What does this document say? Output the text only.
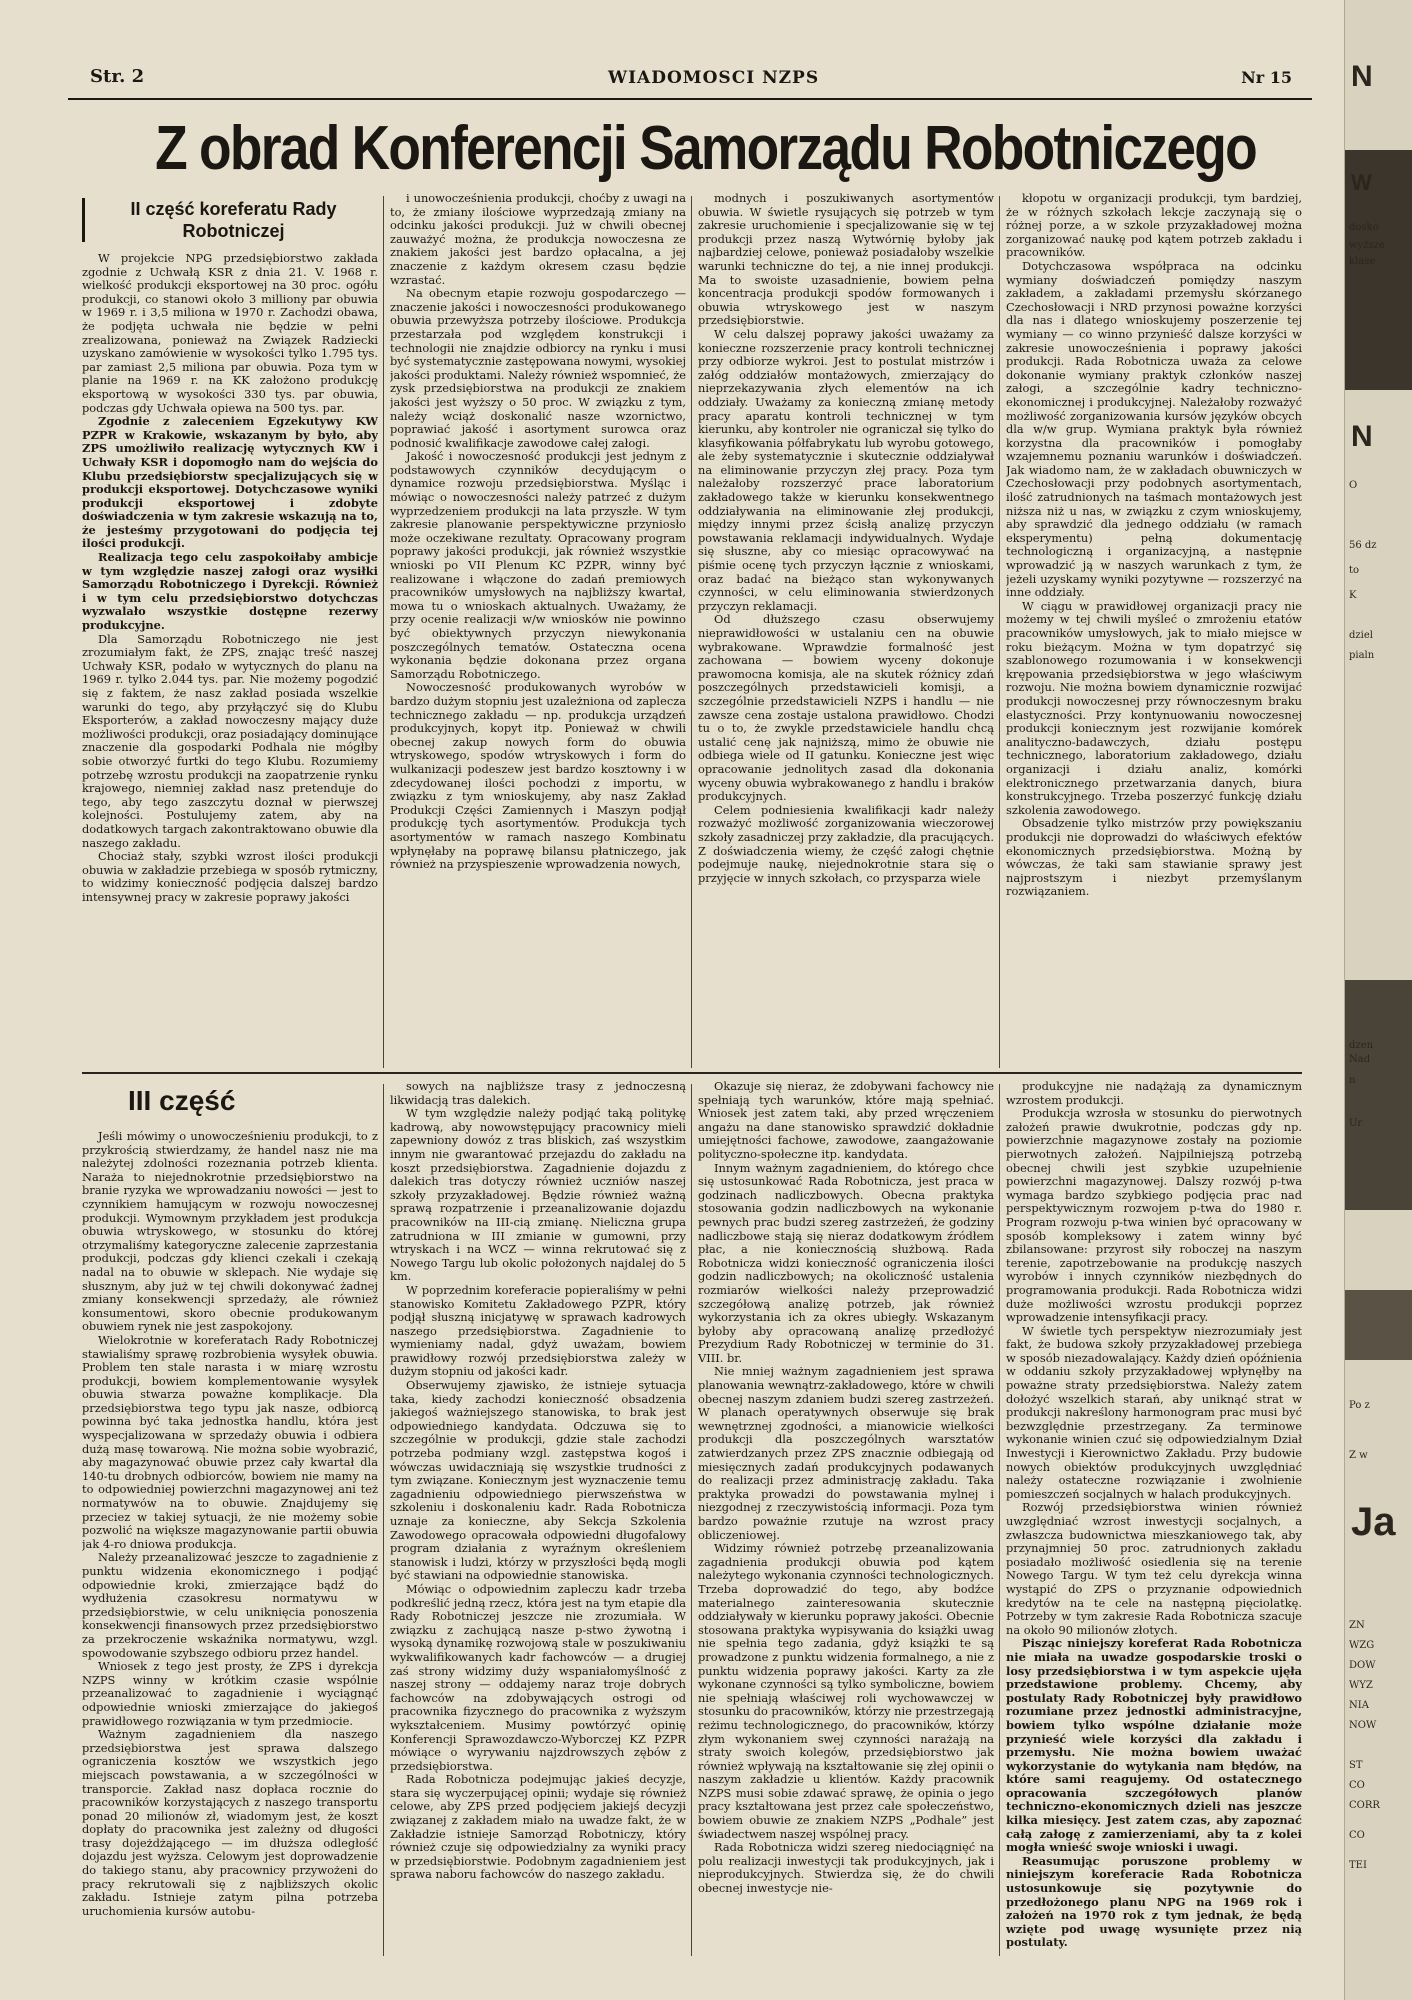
Str. 2	WIADOMOSCI NZPS	Nr 15
Z obrad Konferencji Samorządu Robotniczego
II część koreferatu Rady Robotniczej

W projekcie NPG przedsiębiorstwo zakłada zgodnie z Uchwałą KSR z dnia 21. V. 1968 r. wielkość produkcji eksportowej na 30 proc. ogółu produkcji, co stanowi około 3 milliony par obuwia w 1969 r. i 3,5 miliona w 1970 r. Zachodzi obawa, że podjęta uchwała nie będzie w pełni zrealizowana, ponieważ na Związek Radziecki uzyskano zamówienie w wysokości tylko 1.795 tys. par zamiast 2,5 miliona par obuwia. Poza tym w planie na 1969 r. na KK założono produkcję eksportową w wysokości 330 tys. par obuwia, podczas gdy Uchwała opiewa na 500 tys. par.

Zgodnie z zaleceniem Egzekutywy KW PZPR w Krakowie, wskazanym by było, aby ZPS umożliwiło realizację wytycznych KW i Uchwały KSR i dopomogło nam do wejścia do Klubu przedsiębiorstw specjalizujących się w produkcji eksportowej. Dotychczasowe wyniki produkcji eksportowej i zdobyte doświadczenia w tym zakresie wskazują na to, że jesteśmy przygotowani do podjęcia tej ilości produkcji.

Realizacja tego celu zaspokoiłaby ambicje w tym względzie naszej załogi oraz wysiłki Samorządu Robotniczego i Dyrekcji. Również i w tym celu przedsiębiorstwo dotychczas wyzwalało wszystkie dostępne rezerwy produkcyjne.

Dla Samorządu Robotniczego nie jest zrozumiałym fakt, że ZPS, znając treść naszej Uchwały KSR, podało w wytycznych do planu na 1969 r. tylko 2.044 tys. par. Nie możemy pogodzić się z faktem, że nasz zakład posiada wszelkie warunki do tego, aby przyłączyć się do Klubu Eksporterów, a zakład nowoczesny mający duże możliwości produkcji, oraz posiadający dominujące znaczenie dla gospodarki Podhala nie mógłby sobie otworzyć furtki do tego Klubu. Rozumiemy potrzebę wzrostu produkcji na zaopatrzenie rynku krajowego, niemniej zakład nasz pretenduje do tego, aby tego zaszczytu doznał w pierwszej kolejności. Postulujemy zatem, aby na dodatkowych targach zakontraktowano obuwie dla naszego zakładu.

Chociaż stały, szybki wzrost ilości produkcji obuwia w zakładzie przebiega w sposób rytmiczny, to widzimy konieczność podjęcia dalszej bardzo intensywnej pracy w zakresie poprawy jakości

i unowocześnienia produkcji, choćby z uwagi na to, że zmiany ilościowe wyprzedzają zmiany na odcinku jakości produkcji. Już w chwili obecnej zauważyć można, że produkcja nowoczesna ze znakiem jakości jest bardzo opłacalna, a jej znaczenie z każdym okresem czasu będzie wzrastać.

Na obecnym etapie rozwoju gospodarczego — znaczenie jakości i nowoczesności produkowanego obuwia przewyższa potrzeby ilościowe. Produkcja przestarzała pod względem konstrukcji i technologii nie znajdzie odbiorcy na rynku i musi być systematycznie zastępowana nowymi, wysokiej jakości produktami. Należy również wspomnieć, że zysk przedsiębiorstwa na produkcji ze znakiem jakości jest wyższy o 50 proc. W związku z tym, należy wciąż doskonalić nasze wzornictwo, poprawiać jakość i asortyment surowca oraz podnosić kwalifikacje zawodowe całej załogi.

Jakość i nowoczesność produkcji jest jednym z podstawowych czynników decydującym o dynamice rozwoju przedsiębiorstwa. Myśląc i mówiąc o nowoczesności należy patrzeć z dużym wyprzedzeniem produkcji na lata przyszłe. W tym zakresie planowanie perspektywiczne przyniosło może oczekiwane rezultaty. Opracowany program poprawy jakości produkcji, jak również wszystkie wnioski po VII Plenum KC PZPR, winny być realizowane i włączone do zadań premiowych pracowników umysłowych na najbliższy kwartał, mowa tu o wnioskach aktualnych. Uważamy, że przy ocenie realizacji w/w wniosków nie powinno być obiektywnych przyczyn niewykonania poszczególnych tematów. Ostateczna ocena wykonania będzie dokonana przez organa Samorządu Robotniczego.

Nowoczesność produkowanych wyrobów w bardzo dużym stopniu jest uzależniona od zaplecza technicznego zakładu — np. produkcja urządzeń produkcyjnych, kopyt itp. Ponieważ w chwili obecnej zakup nowych form do obuwia wtryskowego, spodów wtryskowych i form do wulkanizacji podeszew jest bardzo kosztowny i w zdecydowanej ilości pochodzi z importu, w związku z tym wnioskujemy, aby nasz Zakład Produkcji Części Zamiennych i Maszyn podjął produkcję tych asortymentów. Produkcja tych asortymentów w ramach naszego Kombinatu wpłynęłaby na poprawę bilansu płatniczego, jak również na przyspieszenie wprowadzenia nowych,

modnych i poszukiwanych asortymentów obuwia. W świetle rysujących się potrzeb w tym zakresie uruchomienie i specjalizowanie się w tej produkcji przez naszą Wytwórnię byłoby jak najbardziej celowe, ponieważ posiadałoby wszelkie warunki techniczne do tej, a nie innej produkcji. Ma to swoiste uzasadnienie, bowiem pełna koncentracja produkcji spodów formowanych i obuwia wtryskowego jest w naszym przedsiębiorstwie.

W celu dalszej poprawy jakości uważamy za konieczne rozszerzenie pracy kontroli technicznej przy odbiorze wykroi. Jest to postulat mistrzów i załóg oddziałów montażowych, zmierzający do nieprzekazywania złych elementów na ich oddziały. Uważamy za konieczną zmianę metody pracy aparatu kontroli technicznej w tym kierunku, aby kontroler nie ograniczał się tylko do klasyfikowania półfabrykatu lub wyrobu gotowego, ale żeby systematycznie i skutecznie oddziaływał na eliminowanie przyczyn złej pracy. Poza tym należałoby rozszerzyć prace laboratorium zakładowego także w kierunku konsekwentnego oddziaływania na eliminowanie złej produkcji, między innymi przez ścisłą analizę przyczyn powstawania reklamacji indywidualnych. Wydaje się słuszne, aby co miesiąc opracowywać na piśmie ocenę tych przyczyn łącznie z wnioskami, oraz badać na bieżąco stan wykonywanych czynności, w celu eliminowania stwierdzonych przyczyn reklamacji.

Od dłuższego czasu obserwujemy nieprawidłowości w ustalaniu cen na obuwie wybrakowane. Wprawdzie formalność jest zachowana — bowiem wyceny dokonuje prawomocna komisja, ale na skutek różnicy zdań poszczególnych przedstawicieli komisji, a szczególnie przedstawicieli NZPS i handlu — nie zawsze cena zostaje ustalona prawidłowo. Chodzi tu o to, że zwykle przedstawiciele handlu chcą ustalić cenę jak najniższą, mimo że obuwie nie odbiega wiele od II gatunku. Konieczne jest więc opracowanie jednolitych zasad dla dokonania wyceny obuwia wybrakowanego z handlu i braków produkcyjnych.

Celem podniesienia kwalifikacji kadr należy rozważyć możliwość zorganizowania wieczorowej szkoły zasadniczej przy zakładzie, dla pracujących. Z doświadczenia wiemy, że część załogi chętnie podejmuje naukę, niejednokrotnie stara się o przyjęcie w innych szkołach, co przysparza wiele

kłopotu w organizacji produkcji, tym bardziej, że w różnych szkołach lekcje zaczynają się o różnej porze, a w szkole przyzakładowej można zorganizować naukę pod kątem potrzeb zakładu i pracowników.

Dotychczasowa współpraca na odcinku wymiany doświadczeń pomiędzy naszym zakładem, a zakładami przemysłu skórzanego Czechosłowacji i NRD przynosi poważne korzyści dla nas i dlatego wnioskujemy poszerzenie tej wymiany — co winno przynieść dalsze korzyści w zakresie unowocześnienia i poprawy jakości produkcji. Rada Robotnicza uważa za celowe dokonanie wymiany praktyk członków naszej załogi, a szczególnie kadry techniczno-ekonomicznej i produkcyjnej. Należałoby rozważyć możliwość zorganizowania kursów języków obcych dla w/w grup. Wymiana praktyk była również korzystna dla pracowników i pomogłaby wzajemnemu poznaniu warunków i doświadczeń. Jak wiadomo nam, że w zakładach obuwniczych w Czechosłowacji przy podobnych asortymentach, ilość zatrudnionych na taśmach montażowych jest niższa niż u nas, w związku z czym wnioskujemy, aby sprawdzić dla jednego oddziału (w ramach eksperymentu) pełną dokumentację technologiczną i organizacyjną, a następnie wprowadzić ją w naszych warunkach z tym, że jeżeli uzyskamy wyniki pozytywne — rozszerzyć na inne oddziały.

W ciągu w prawidłowej organizacji pracy nie możemy w tej chwili myśleć o zmrożeniu etatów pracowników umysłowych, jak to miało miejsce w roku bieżącym. Można w tym dopatrzyć się szablonowego rozumowania i w konsekwencji krępowania przedsiębiorstwa w jego właściwym rozwoju. Nie można bowiem dynamicznie rozwijać produkcji nowoczesnej przy równoczesnym braku elastyczności. Przy kontynuowaniu nowoczesnej produkcji koniecznym jest rozwijanie komórek analityczno-badawczych, działu postępu technicznego, laboratorium zakładowego, działu organizacji i działu analiz, komórki elektronicznego przetwarzania danych, biura konstrukcyjnego. Trzeba poszerzyć funkcję działu szkolenia zawodowego.

Obsadzenie tylko mistrzów przy powiększaniu produkcji nie doprowadzi do właściwych efektów ekonomicznych przedsiębiorstwa. Możną by wówczas, że taki sam stawianie sprawy jest najprostszym i niezbyt przemyślanym rozwiązaniem.

III część

Jeśli mówimy o unowocześnieniu produkcji, to z przykrością stwierdzamy, że handel nasz nie ma należytej zdolności rozeznania potrzeb klienta. Naraża to niejednokrotnie przedsiębiorstwo na branie ryzyka we wprowadzaniu nowości — jest to czynnikiem hamującym w rozwoju nowoczesnej produkcji. Wymownym przykładem jest produkcja obuwia wtryskowego, w stosunku do której otrzymaliśmy kategoryczne zalecenie zaprzestania produkcji, podczas gdy klienci czekali i czekają nadal na to obuwie w sklepach. Nie wydaje się słusznym, aby już w tej chwili dokonywać żadnej zmiany konsekwencji sprzedaży, ale również konsumentowi, skoro obecnie produkowanym obuwiem rynek nie jest zaspokojony.

Wielokrotnie w koreferatach Rady Robotniczej stawialiśmy sprawę rozbrobienia wysyłek obuwia. Problem ten stale narasta i w miarę wzrostu produkcji, bowiem komplementowanie wysyłek obuwia stwarza poważne komplikacje. Dla przedsiębiorstwa tego typu jak nasze, odbiorcą powinna być taka jednostka handlu, która jest wyspecjalizowana w sprzedaży obuwia i odbiera dużą masę towarową. Nie można sobie wyobrazić, aby magazynować obuwie przez cały kwartał dla 140-tu drobnych odbiorców, bowiem nie mamy na to odpowiedniej powierzchni magazynowej ani też normatywów na to obuwie. Znajdujemy się przeciez w takiej sytuacji, że nie możemy sobie pozwolić na większe magazynowanie partii obuwia jak 4-ro dniowa produkcja.

Należy przeanalizować jeszcze to zagadnienie z punktu widzenia ekonomicznego i podjąć odpowiednie kroki, zmierzające bądź do wydłużenia czasokresu normatywu w przedsiębiorstwie, w celu uniknięcia ponoszenia konsekwencji finansowych przez przedsiębiorstwo za przekroczenie wskaźnika normatywu, wzgl. spowodowanie szybszego odbioru przez handel.

Wniosek z tego jest prosty, że ZPS i dyrekcja NZPS winny w krótkim czasie wspólnie przeanalizować to zagadnienie i wyciągnąć odpowiednie wnioski zmierzające do jakiegoś prawidłowego rozwiązania w tym przedmiocie.

Ważnym zagadnieniem dla naszego przedsiębiorstwa jest sprawa dalszego ograniczenia kosztów we wszystkich jego miejscach powstawania, a w szczególności w transporcie. Zakład nasz dopłaca rocznie do pracowników korzystających z naszego transportu ponad 20 milionów zł, wiadomym jest, że koszt dopłaty do pracownika jest zależny od długości trasy dojeżdżającego — im dłuższa odległość dojazdu jest wyższa. Celowym jest doprowadzenie do takiego stanu, aby pracownicy przywożeni do pracy rekrutowali się z najbliższych okolic zakładu. Istnieje zatym pilna potrzeba uruchomienia kursów autobu-

sowych na najbliższe trasy z jednoczesną likwidacją tras dalekich.

W tym względzie należy podjąć taką politykę kadrową, aby nowowstępujący pracownicy mieli zapewniony dowóz z tras bliskich, zaś wszystkim innym nie gwarantować przejazdu do zakładu na koszt przedsiębiorstwa. Zagadnienie dojazdu z dalekich tras dotyczy również uczniów naszej szkoły przyzakładowej. Będzie również ważną sprawą rozpatrzenie i przeanalizowanie dojazdu pracowników na III-cią zmianę. Nieliczna grupa zatrudniona w III zmianie w gumowni, przy wtryskach i na WCZ — winna rekrutować się z Nowego Targu lub okolic położonych najdalej do 5 km.

W poprzednim koreferacie popieraliśmy w pełni stanowisko Komitetu Zakładowego PZPR, który podjął słuszną inicjatywę w sprawach kadrowych naszego przedsiębiorstwa. Zagadnienie to wymieniamy nadal, gdyż uważam, bowiem prawidłowy rozwój przedsiębiorstwa zależy w dużym stopniu od jakości kadr.

Obserwujemy zjawisko, że istnieje sytuacja taka, kiedy zachodzi konieczność obsadzenia jakiegoś ważniejszego stanowiska, to brak jest odpowiedniego kandydata. Odczuwa się to szczególnie w produkcji, gdzie stale zachodzi potrzeba podmiany wzgl. zastępstwa kogoś i wówczas uwidaczniają się wszystkie trudności z tym związane. Koniecznym jest wyznaczenie temu zagadnieniu odpowiedniego pierwszeństwa w szkoleniu i doskonaleniu kadr. Rada Robotnicza uznaje za konieczne, aby Sekcja Szkolenia Zawodowego opracowała odpowiedni długofalowy program działania z wyraźnym określeniem stanowisk i ludzi, którzy w przyszłości będą mogli być stawiani na odpowiednie stanowiska.

Mówiąc o odpowiednim zapleczu kadr trzeba podkreślić jedną rzecz, która jest na tym etapie dla Rady Robotniczej jeszcze nie zrozumiała. W związku z zachującą nasze p-stwo żywotną i wysoką dynamikę rozwojową stale w poszukiwaniu wykwalifikowanych kadr fachowców — a drugiej zaś strony widzimy duży wspaniałomyślność z naszej strony — oddajemy naraz troje dobrych fachowców na zdobywających ostrogi od pracownika fizycznego do pracownika z wyższym wykształceniem. Musimy powtórzyć opinię Konferencji Sprawozdawczo-Wyborczej KZ PZPR mówiące o wyrywaniu najzdrowszych zębów z przedsiębiorstwa.

Rada Robotnicza podejmując jakieś decyzje, stara się wyczerpującej opinii; wydaje się również celowe, aby ZPS przed podjęciem jakiejś decyzji związanej z zakładem miało na uwadze fakt, że w Zakładzie istnieje Samorząd Robotniczy, który również czuje się odpowiedzialny za wyniki pracy w przedsiębiorstwie. Podobnym zagadnieniem jest sprawa naboru fachowców do naszego zakładu.

Okazuje się nieraz, że zdobywani fachowcy nie spełniają tych warunków, które mają spełniać. Wniosek jest zatem taki, aby przed wręczeniem angażu na dane stanowisko sprawdzić dokładnie umiejętności fachowe, zawodowe, zaangażowanie polityczno-społeczne itp. kandydata.

Innym ważnym zagadnieniem, do którego chce się ustosunkować Rada Robotnicza, jest praca w godzinach nadliczbowych. Obecna praktyka stosowania godzin nadliczbowych na wykonanie pewnych prac budzi szereg zastrzeżeń, że godziny nadliczbowe stają się nieraz dodatkowym źródłem płac, a nie koniecznością służbową. Rada Robotnicza widzi konieczność ograniczenia ilości godzin nadliczbowych; na okoliczność ustalenia rozmiarów wielkości należy przeprowadzić szczegółową analizę potrzeb, jak również wykorzystania ich za okres ubiegły. Wskazanym byłoby aby opracowaną analizę przedłożyć Prezydium Rady Robotniczej w terminie do 31. VIII. br.

Nie mniej ważnym zagadnieniem jest sprawa planowania wewnątrz-zakładowego, które w chwili obecnej naszym zdaniem budzi szereg zastrzeżeń. W planach operatywnych obserwuje się brak wewnętrznej zgodności, a mianowicie wielkości produkcji dla poszczególnych warsztatów zatwierdzanych przez ZPS znacznie odbiegają od miesięcznych zadań produkcyjnych podawanych do realizacji przez administrację zakładu. Taka praktyka prowadzi do powstawania mylnej i niezgodnej z rzeczywistością informacji. Poza tym bardzo poważnie rzutuje na wzrost pracy obliczeniowej.

Widzimy również potrzebę przeanalizowania zagadnienia produkcji obuwia pod kątem należytego wykonania czynności technologicznych. Trzeba doprowadzić do tego, aby bodźce materialnego zainteresowania skutecznie oddziaływały w kierunku poprawy jakości. Obecnie stosowana praktyka wypisywania do książki uwag nie spełnia tego zadania, gdyż książki te są prowadzone z punktu widzenia formalnego, a nie z punktu widzenia poprawy jakości. Karty za złe wykonane czynności są tylko symboliczne, bowiem nie spełniają właściwej roli wychowawczej w stosunku do pracowników, którzy nie przestrzegają reżimu technologicznego, do pracowników, którzy złym wykonaniem swej czynności narażają na straty swoich kolegów, przedsiębiorstwo jak również wpływają na kształtowanie się złej opinii o naszym zakładzie u klientów. Każdy pracownik NZPS musi sobie zdawać sprawę, że opinia o jego pracy kształtowana jest przez całe społeczeństwo, bowiem obuwie ze znakiem NZPS „Podhale” jest świadectwem naszej wspólnej pracy.

Rada Robotnicza widzi szereg niedociągnięć na polu realizacji inwestycji tak produkcyjnych, jak i nieprodukcyjnych. Stwierdza się, że do chwili obecnej inwestycje nie-

produkcyjne nie nadążają za dynamicznym wzrostem produkcji.

Produkcja wzrosła w stosunku do pierwotnych założeń prawie dwukrotnie, podczas gdy np. powierzchnie magazynowe zostały na poziomie pierwotnych założeń. Najpilniejszą potrzebą obecnej chwili jest szybkie uzupełnienie powierzchni magazynowej. Dalszy rozwój p-twa wymaga bardzo szybkiego podjęcia prac nad perspektywicznym rozwojem p-twa do 1980 r. Program rozwoju p-twa winien być opracowany w sposób kompleksowy i zatem winny być zbilansowane: przyrost siły roboczej na naszym terenie, zapotrzebowanie na produkcję naszych wyrobów i innych czynników niezbędnych do programowania produkcji. Rada Robotnicza widzi duże możliwości wzrostu produkcji poprzez wprowadzenie intensyfikacji pracy.

W świetle tych perspektyw niezrozumiały jest fakt, że budowa szkoły przyzakładowej przebiega w sposób niezadowalający. Każdy dzień opóźnienia w oddaniu szkoły przyzakładowej wpłynęłby na poważne straty przedsiębiorstwa. Należy zatem dołożyć wszelkich starań, aby uniknąć strat w produkcji nakreślony harmonogram prac musi być bezwzględnie przestrzegany. Za terminowe wykonanie winien czuć się odpowiedzialnym Dział Inwestycji i Kierownictwo Zakładu. Przy budowie nowych obiektów produkcyjnych uwzględniać należy ostateczne rozwiązanie i zwolnienie pomieszczeń socjalnych w halach produkcyjnych.

Rozwój przedsiębiorstwa winien również uwzględniać wzrost inwestycji socjalnych, a zwłaszcza budownictwa mieszkaniowego tak, aby przynajmniej 50 proc. zatrudnionych zakładu posiadało możliwość osiedlenia się na terenie Nowego Targu. W tym też celu dyrekcja winna wystąpić do ZPS o przyznanie odpowiednich kredytów na te cele na następną pięciolatkę. Potrzeby w tym zakresie Rada Robotnicza szacuje na około 90 milionów złotych.

Pisząc niniejszy koreferat Rada Robotnicza nie miała na uwadze gospodarskie troski o losy przedsiębiorstwa i w tym aspekcie ujęła przedstawione problemy. Chcemy, aby postulaty Rady Robotniczej były prawidłowo rozumiane przez jednostki administracyjne, bowiem tylko wspólne działanie może przynieść wiele korzyści dla zakładu i przemysłu. Nie można bowiem uważać wykorzystanie do wytykania nam błędów, na które sami reagujemy. Od ostatecznego opracowania szczegółowych planów techniczno-ekonomicznych dzieli nas jeszcze kilka miesięcy. Jest zatem czas, aby zapoznać całą załogę z zamierzeniami, aby ta z kolei mogła wnieść swoje wnioski i uwagi.

Reasumując poruszone problemy w niniejszym koreferacie Rada Robotnicza ustosunkowuje się pozytywnie do przedłożonego planu NPG na 1969 rok i założeń na 1970 rok z tym jednak, że będą wzięte pod uwagę wysunięte przez nią postulaty.

N
W
dosko
wyższe
klase
N
O
56 dz
to
K
dziel
pialn
dzen
Nad
n
Ur
Po z
Z w
Ja
ZN
WZG
DOW
WYZ
NIA
NOW
ST
CO
CORR
CO
TEI
